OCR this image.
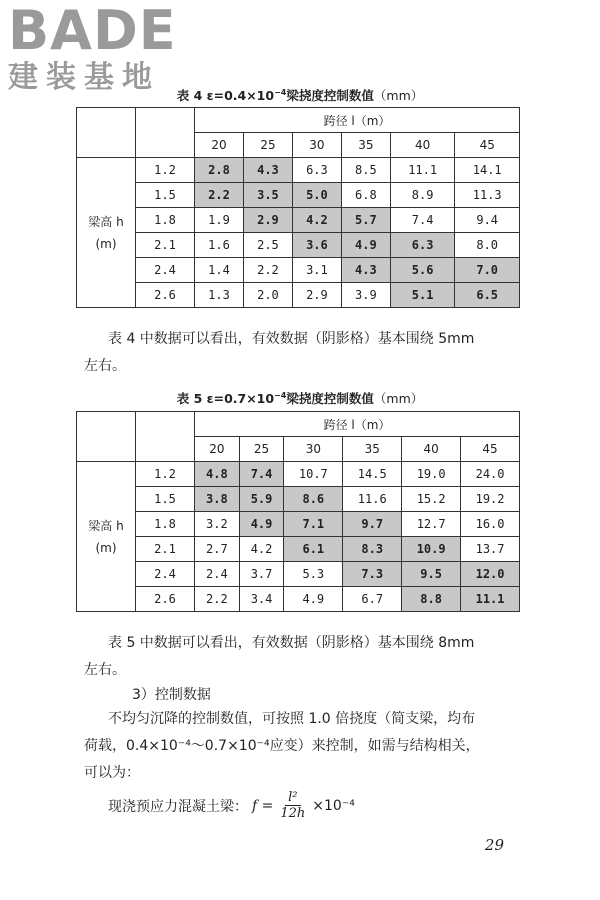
BADE
建装基地
表 4 $\varepsilon=0.4\times 10^{-4}$梁挠度控制数值（mm）
		跨径 l（m）					
		20	25	30	35	40	45

梁高 h
(m)	1.2	2.8	4.3	6.3	8.5	11.1	14.1
	1.5	2.2	3.5	5.0	6.8	8.9	11.3
	1.8	1.9	2.9	4.2	5.7	7.4	9.4
	2.1	1.6	2.5	3.6	4.9	6.3	8.0
	2.4	1.4	2.2	3.1	4.3	5.6	7.0
	2.6	1.3	2.0	2.9	3.9	5.1	6.5
表 4 中数据可以看出，有效数据（阴影格）基本围绕 5mm
左右。
表 5 $\varepsilon=0.7\times 10^{-4}$梁挠度控制数值（mm）
		跨径 l（m）					
		20	25	30	35	40	45

梁高 h
(m)	1.2	4.8	7.4	10.7	14.5	19.0	24.0
	1.5	3.8	5.9	8.6	11.6	15.2	19.2
	1.8	3.2	4.9	7.1	9.7	12.7	16.0
	2.1	2.7	4.2	6.1	8.3	10.9	13.7
	2.4	2.4	3.7	5.3	7.3	9.5	12.0
	2.6	2.2	3.4	4.9	6.7	8.8	11.1
表 5 中数据可以看出，有效数据（阴影格）基本围绕 8mm
左右。
3）控制数据
不均匀沉降的控制数值，可按照 1.0 倍挠度（简支梁，均布
荷载，0.4×10⁻⁴～0.7×10⁻⁴应变）来控制，如需与结构相关，
可以为：
现浇预应力混凝土梁： $f = \frac{\text{l²}}{12h} \times 10^{-4}$
29
